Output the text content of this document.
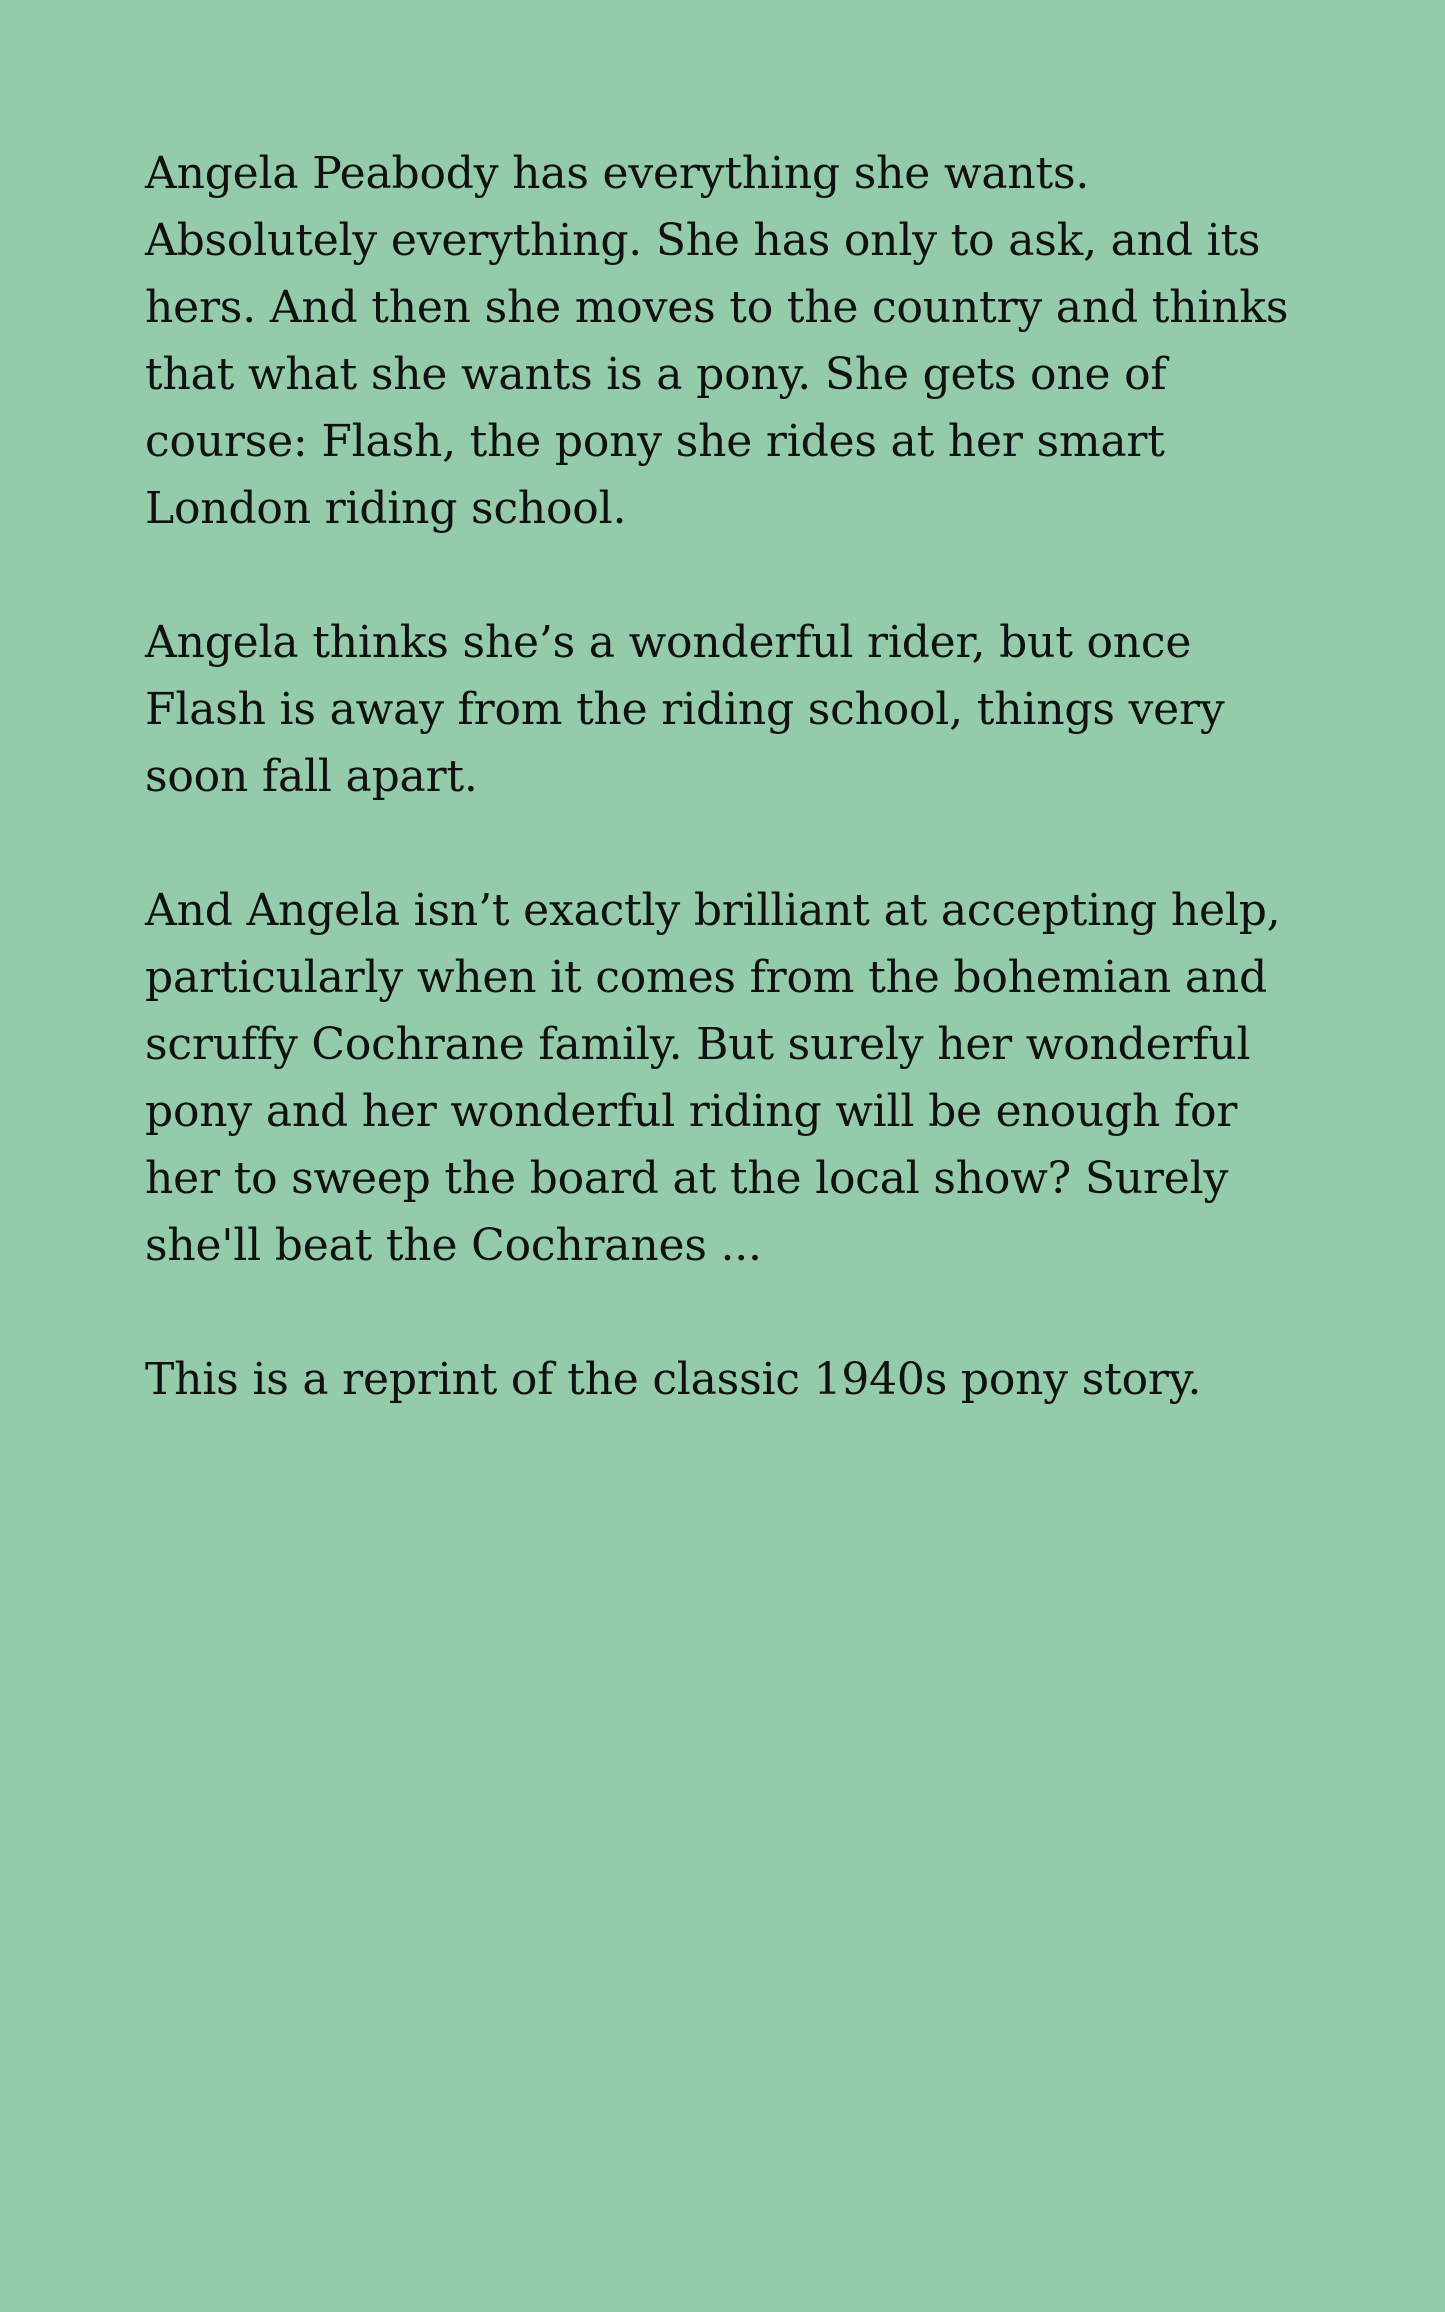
Angela Peabody has everything she wants.
Absolutely everything. She has only to ask, and its
hers. And then she moves to the country and thinks
that what she wants is a pony. She gets one of
course: Flash, the pony she rides at her smart
London riding school.

Angela thinks she’s a wonderful rider, but once
Flash is away from the riding school, things very
soon fall apart.

And Angela isn’t exactly brilliant at accepting help,
particularly when it comes from the bohemian and
scruffy Cochrane family. But surely her wonderful
pony and her wonderful riding will be enough for
her to sweep the board at the local show? Surely
she'll beat the Cochranes ...

This is a reprint of the classic 1940s pony story.
